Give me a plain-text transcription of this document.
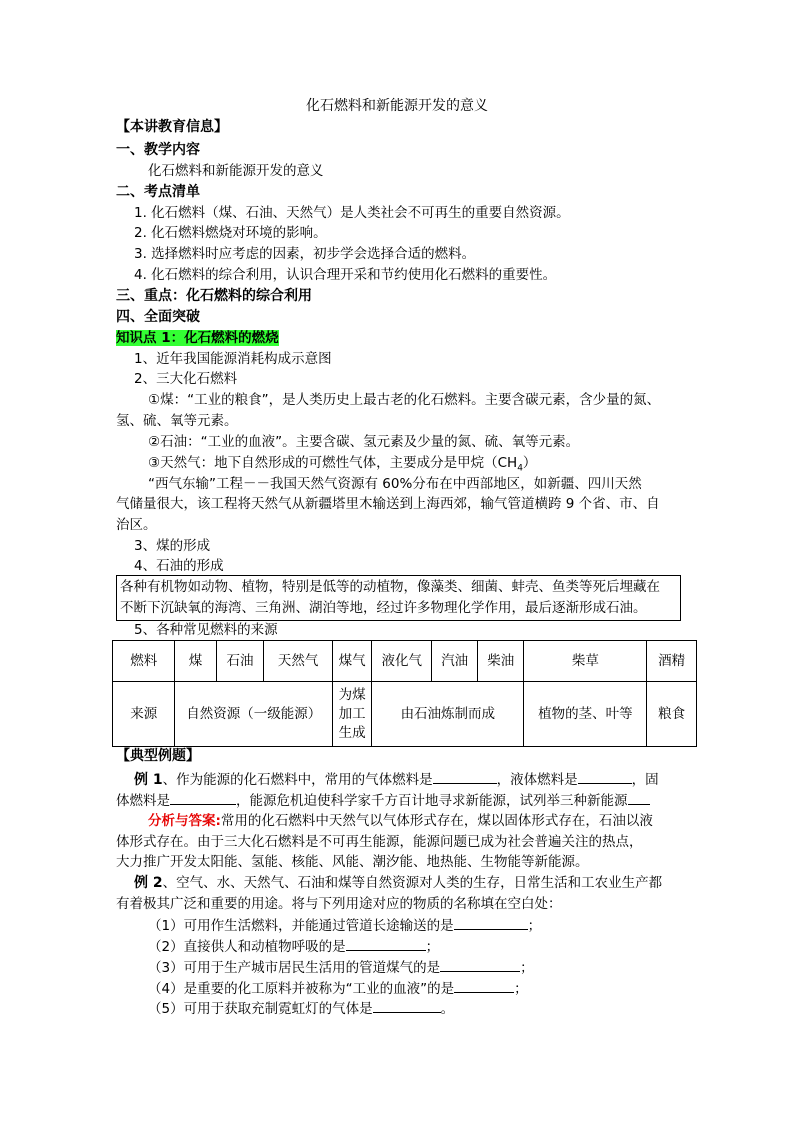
化石燃料和新能源开发的意义
【本讲教育信息】
一、教学内容
化石燃料和新能源开发的意义
二、考点清单
1. 化石燃料（煤、石油、天然气）是人类社会不可再生的重要自然资源。
2. 化石燃料燃烧对环境的影响。
3. 选择燃料时应考虑的因素，初步学会选择合适的燃料。
4. 化石燃料的综合利用，认识合理开采和节约使用化石燃料的重要性。
三、重点：化石燃料的综合利用
四、全面突破
知识点 1：化石燃料的燃烧
1、近年我国能源消耗构成示意图
2、三大化石燃料
①煤：“工业的粮食”，是人类历史上最古老的化石燃料。主要含碳元素，含少量的氮、
氢、硫、氧等元素。
②石油：“工业的血液”。主要含碳、氢元素及少量的氮、硫、氧等元素。
③天然气：地下自然形成的可燃性气体，主要成分是甲烷$(CH_4)$
“西气东输”工程－－我国天然气资源有 60%分布在中西部地区，如新疆、四川天然
气储量很大，该工程将天然气从新疆塔里木输送到上海西郊，输气管道横跨 9 个省、市、自
治区。
3、煤的形成
4、石油的形成
各种有机物如动物、植物，特别是低等的动植物，像藻类、细菌、蚌壳、鱼类等死后埋藏在
不断下沉缺氧的海湾、三角洲、湖泊等地，经过许多物理化学作用，最后逐渐形成石油。
5、各种常见燃料的来源
燃料	煤	石油	天然气	煤气	液化气	汽油	柴油	柴草	酒精
来源	自然资源（一级能源）			为煤
加工
生成	由石油炼制而成			植物的茎、叶等	粮食
【典型例题】
例 1、作为能源的化石燃料中，常用的气体燃料是	，液体燃料是	，固
体燃料是	，能源危机迫使科学家千方百计地寻求新能源，试列举三种新能源
分析与答案:常用的化石燃料中天然气以气体形式存在，煤以固体形式存在，石油以液
体形式存在。由于三大化石燃料是不可再生能源，能源问题已成为社会普遍关注的热点，
大力推广开发太阳能、氢能、核能、风能、潮汐能、地热能、生物能等新能源。
例 2、空气、水、天然气、石油和煤等自然资源对人类的生存，日常生活和工农业生产都
有着极其广泛和重要的用途。将与下列用途对应的物质的名称填在空白处：
（1）可用作生活燃料，并能通过管道长途输送的是	；
（2）直接供人和动植物呼吸的是	；
（3）可用于生产城市居民生活用的管道煤气的是	；
（4）是重要的化工原料并被称为“工业的血液”的是	；
（5）可用于获取充制霓虹灯的气体是	。
